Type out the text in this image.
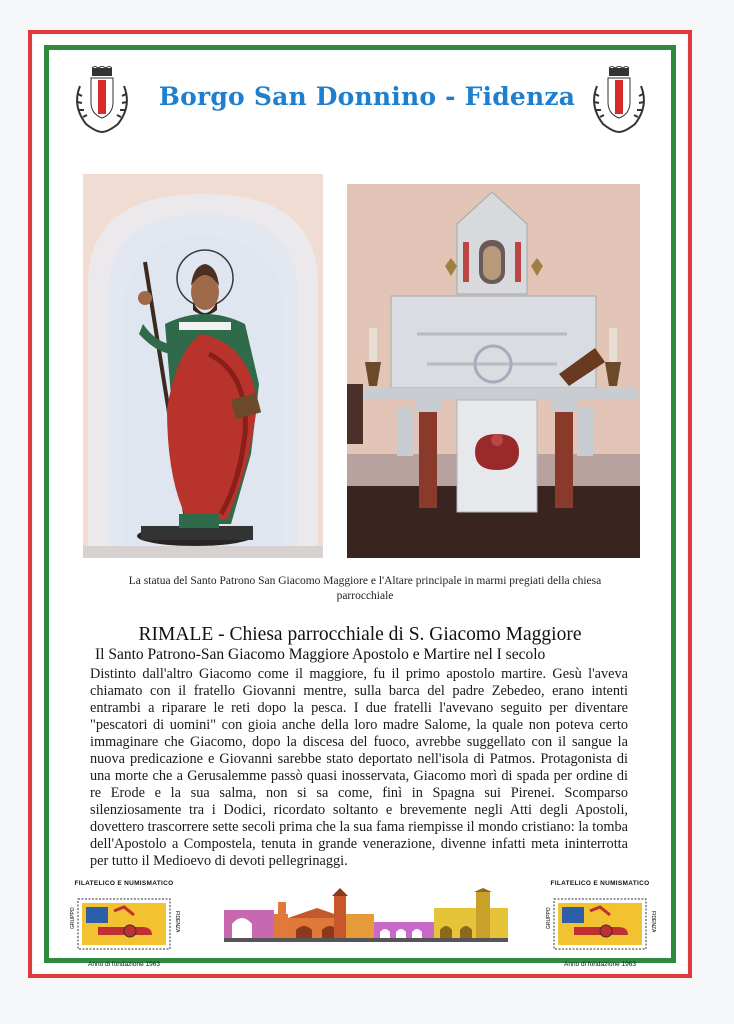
Borgo San Donnino - Fidenza
La statua del Santo Patrono San Giacomo Maggiore e l'Altare principale in marmi pregiati della chiesa parrocchiale
RIMALE - Chiesa parrocchiale di S. Giacomo Maggiore
Il Santo Patrono-San Giacomo Maggiore Apostolo e Martire nel I secolo
Distinto dall'altro Giacomo come il maggiore, fu il primo apostolo martire. Gesù l'aveva chiamato con il fratello Giovanni mentre, sulla barca del padre Zebedeo, erano intenti entrambi a riparare le reti dopo la pesca. I due fratelli l'avevano seguito per diventare "pescatori di uomini" con gioia anche della loro madre Salome, la quale non poteva certo immaginare che Giacomo, dopo la discesa del fuoco, avrebbe suggellato con il sangue la nuova predicazione e Giovanni sarebbe stato deportato nell'isola di Patmos. Protagonista di una morte che a Gerusalemme passò quasi inosservata, Giacomo morì di spada per ordine di re Erode e la sua salma, non si sa come, finì in Spagna sui Pirenei. Scomparso silenziosamente tra i Dodici, ricordato soltanto e brevemente negli Atti degli Apostoli, dovettero trascorrere sette secoli prima che la sua fama riempisse il mondo cristiano: la tomba dell'Apostolo a Compostela, tenuta in grande venerazione, divenne infatti meta ininterrotta per tutto il Medioevo di devoti pellegrinaggi.
FILATELICO E NUMISMATICO
GRUPPO	FIDENZA
Anno di fondazione 1963
FILATELICO E NUMISMATICO
GRUPPO	FIDENZA
Anno di fondazione 1963
